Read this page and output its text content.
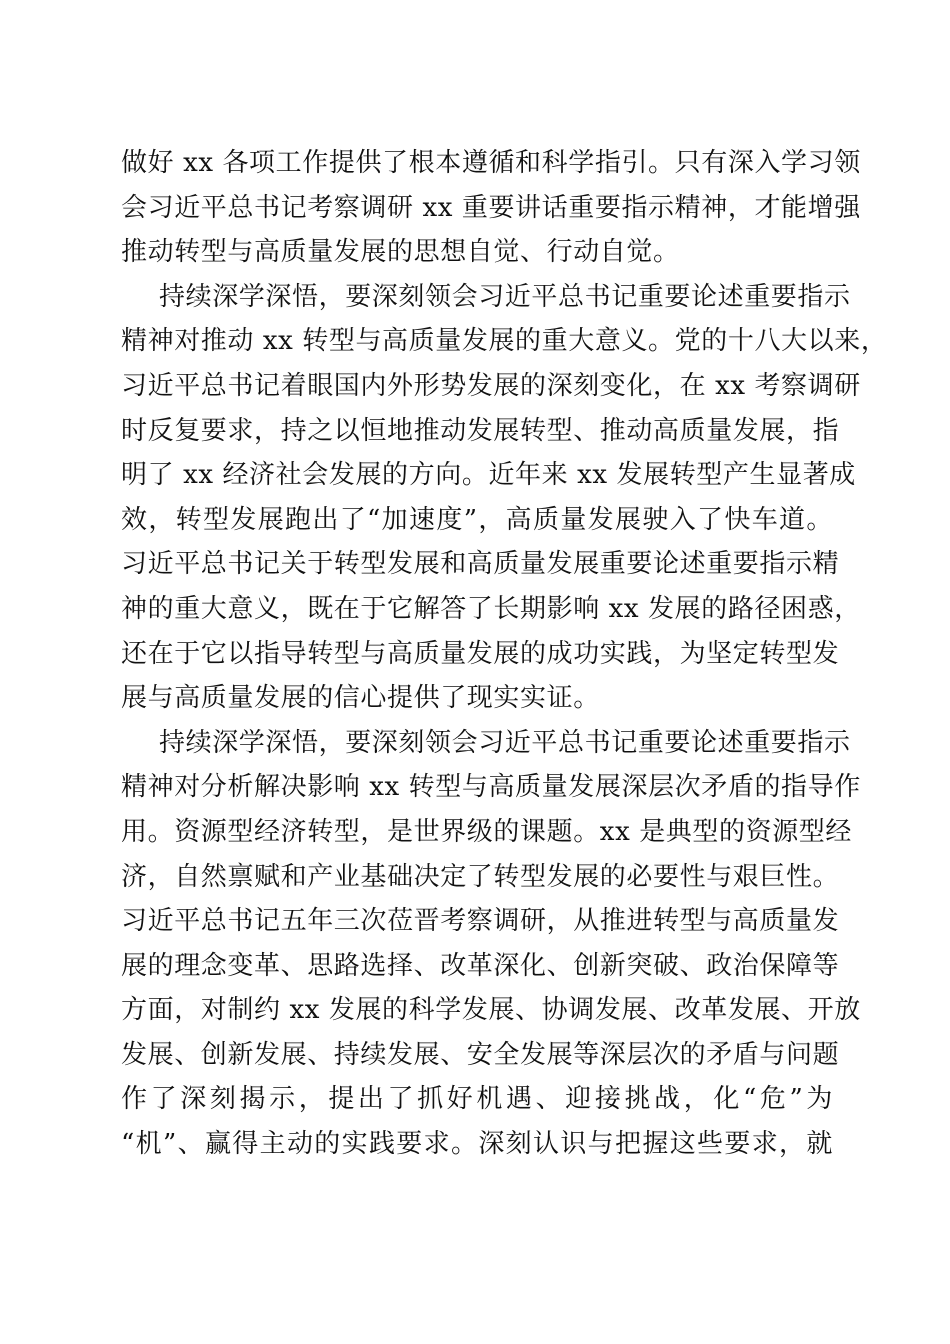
做好 xx 各项工作提供了根本遵循和科学指引。只有深入学习领
会习近平总书记考察调研 xx 重要讲话重要指示精神，才能增强
推动转型与高质量发展的思想自觉、行动自觉。
持续深学深悟，要深刻领会习近平总书记重要论述重要指示
精神对推动 xx 转型与高质量发展的重大意义。党的十八大以来，
习近平总书记着眼国内外形势发展的深刻变化，在 xx 考察调研
时反复要求，持之以恒地推动发展转型、推动高质量发展，指
明了 xx 经济社会发展的方向。近年来 xx 发展转型产生显著成
效，转型发展跑出了“加速度”，高质量发展驶入了快车道。
习近平总书记关于转型发展和高质量发展重要论述重要指示精
神的重大意义，既在于它解答了长期影响 xx 发展的路径困惑，
还在于它以指导转型与高质量发展的成功实践，为坚定转型发
展与高质量发展的信心提供了现实实证。
持续深学深悟，要深刻领会习近平总书记重要论述重要指示
精神对分析解决影响 xx 转型与高质量发展深层次矛盾的指导作
用。资源型经济转型，是世界级的课题。xx 是典型的资源型经
济，自然禀赋和产业基础决定了转型发展的必要性与艰巨性。
习近平总书记五年三次莅晋考察调研，从推进转型与高质量发
展的理念变革、思路选择、改革深化、创新突破、政治保障等
方面，对制约 xx 发展的科学发展、协调发展、改革发展、开放
发展、创新发展、持续发展、安全发展等深层次的矛盾与问题
作了深刻揭示，提出了抓好机遇、迎接挑战，化“危”为
“机”、赢得主动的实践要求。深刻认识与把握这些要求，就
